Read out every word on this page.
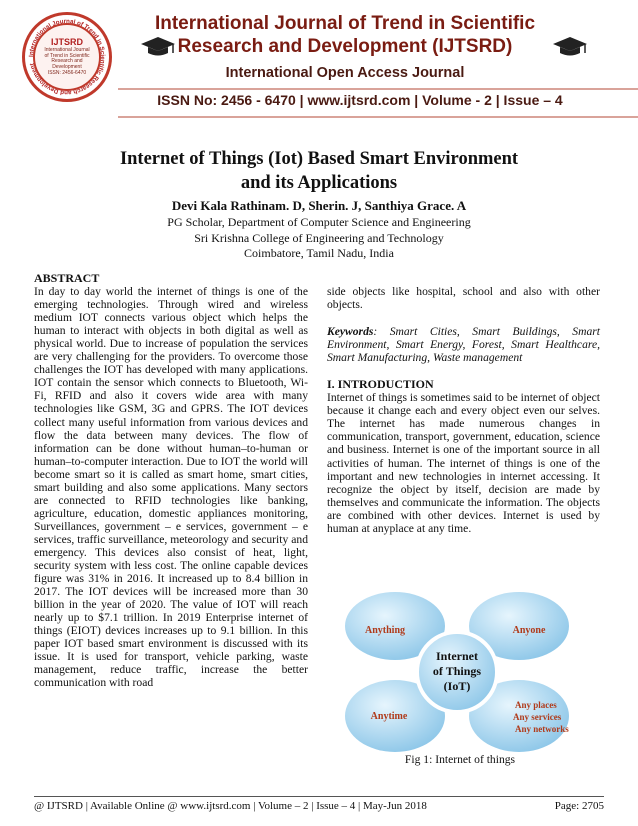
International Journal of Trend in Scientific Research and Development
IJTSRD
International Journal
of Trend in Scientific
Research and
Development
ISSN: 2456-6470
International Journal of Trend in Scientific
Research and Development (IJTSRD)
International Open Access Journal
ISSN No: 2456 - 6470 | www.ijtsrd.com | Volume - 2 | Issue – 4
Internet of Things (Iot) Based Smart Environment
and its Applications
Devi Kala Rathinam. D, Sherin. J, Santhiya Grace. A
PG Scholar, Department of Computer Science and Engineering
Sri Krishna College of Engineering and Technology
Coimbatore, Tamil Nadu, India
ABSTRACT
In day to day world the internet of things is one of the emerging technologies. Through wired and wireless medium IOT connects various object which helps the human to interact with objects in both digital as well as physical world. Due to increase of population the services are very challenging for the providers. To overcome those challenges the IOT has developed with many applications. IOT contain the sensor which connects to Bluetooth, Wi-Fi, RFID and also it covers wide area with many technologies like GSM, 3G and GPRS. The IOT devices collect many useful information from various devices and flow the data between many devices. The flow of information can be done without human–to-human or human–to-computer interaction. Due to IOT the world will become smart so it is called as smart home, smart cities, smart building and also some applications. Many sectors are connected to RFID technologies like banking, agriculture, education, domestic appliances monitoring, Surveillances, government – e services, government – e services, traffic surveillance, meteorology and security and emergency. This devices also consist of heat, light, security system with less cost. The online capable devices figure was 31% in 2016. It increased up to 8.4 billion in 2017. The IOT devices will be increased more than 30 billion in the year of 2020. The value of IOT will reach nearly up to $7.1 trillion. In 2019 Enterprise internet of things (EIOT) devices increases up to 9.1 billion. In this paper IOT based smart environment is discussed with its issue. It is used for transport, vehicle parking, waste management, reduce traffic, increase the better communication with road
side objects like hospital, school and also with other objects.
Keywords: Smart Cities, Smart Buildings, Smart Environment, Smart Energy, Forest, Smart Healthcare, Smart Manufacturing, Waste management
I. INTRODUCTION
Internet of things is sometimes said to be internet of object because it change each and every object even our selves. The internet has made numerous changes in communication, transport, government, education, science and business. Internet is one of the important source in all activities of human. The internet of things is one of the important and new technologies in internet accessing. It recognize the object by itself, decision are made by themselves and communicate the information. The objects are combined with other devices. Internet is used by human at anyplace at any time.
Internet
of Things
(IoT)
Anything	Anyone
Anytime
Any places
Any services
Any networks
Fig 1: Internet of things
@ IJTSRD | Available Online @ www.ijtsrd.com | Volume – 2 | Issue – 4 | May-Jun 2018	Page: 2705
